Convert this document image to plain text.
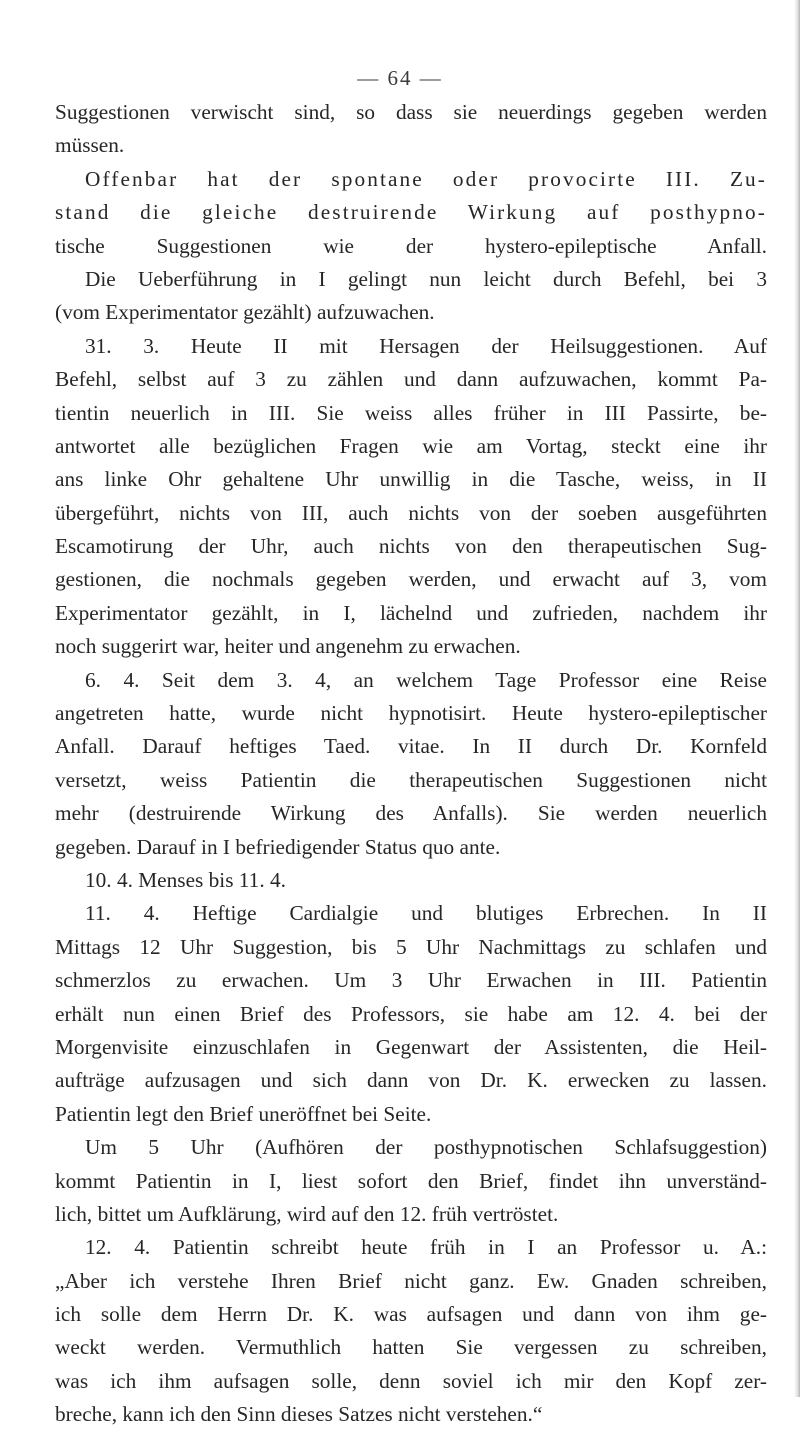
— 64 —
Suggestionen verwischt sind, so dass sie neuerdings gegeben werden
müssen.
Offenbar hat der spontane oder provocirte III. Zu-
stand die gleiche destruirende Wirkung auf posthypno-
tische Suggestionen wie der hystero-epileptische Anfall.
Die Ueberführung in I gelingt nun leicht durch Befehl, bei 3
(vom Experimentator gezählt) aufzuwachen.
31. 3. Heute II mit Hersagen der Heilsuggestionen. Auf
Befehl, selbst auf 3 zu zählen und dann aufzuwachen, kommt Pa-
tientin neuerlich in III. Sie weiss alles früher in III Passirte, be-
antwortet alle bezüglichen Fragen wie am Vortag, steckt eine ihr
ans linke Ohr gehaltene Uhr unwillig in die Tasche, weiss, in II
übergeführt, nichts von III, auch nichts von der soeben ausgeführten
Escamotirung der Uhr, auch nichts von den therapeutischen Sug-
gestionen, die nochmals gegeben werden, und erwacht auf 3, vom
Experimentator gezählt, in I, lächelnd und zufrieden, nachdem ihr
noch suggerirt war, heiter und angenehm zu erwachen.
6. 4. Seit dem 3. 4, an welchem Tage Professor eine Reise
angetreten hatte, wurde nicht hypnotisirt. Heute hystero-epileptischer
Anfall. Darauf heftiges Taed. vitae. In II durch Dr. Kornfeld
versetzt, weiss Patientin die therapeutischen Suggestionen nicht
mehr (destruirende Wirkung des Anfalls). Sie werden neuerlich
gegeben. Darauf in I befriedigender Status quo ante.
10. 4. Menses bis 11. 4.
11. 4. Heftige Cardialgie und blutiges Erbrechen. In II
Mittags 12 Uhr Suggestion, bis 5 Uhr Nachmittags zu schlafen und
schmerzlos zu erwachen. Um 3 Uhr Erwachen in III. Patientin
erhält nun einen Brief des Professors, sie habe am 12. 4. bei der
Morgenvisite einzuschlafen in Gegenwart der Assistenten, die Heil-
aufträge aufzusagen und sich dann von Dr. K. erwecken zu lassen.
Patientin legt den Brief uneröffnet bei Seite.
Um 5 Uhr (Aufhören der posthypnotischen Schlafsuggestion)
kommt Patientin in I, liest sofort den Brief, findet ihn unverständ-
lich, bittet um Aufklärung, wird auf den 12. früh vertröstet.
12. 4. Patientin schreibt heute früh in I an Professor u. A.:
„Aber ich verstehe Ihren Brief nicht ganz. Ew. Gnaden schreiben,
ich solle dem Herrn Dr. K. was aufsagen und dann von ihm ge-
weckt werden. Vermuthlich hatten Sie vergessen zu schreiben,
was ich ihm aufsagen solle, denn soviel ich mir den Kopf zer-
breche, kann ich den Sinn dieses Satzes nicht verstehen.“
